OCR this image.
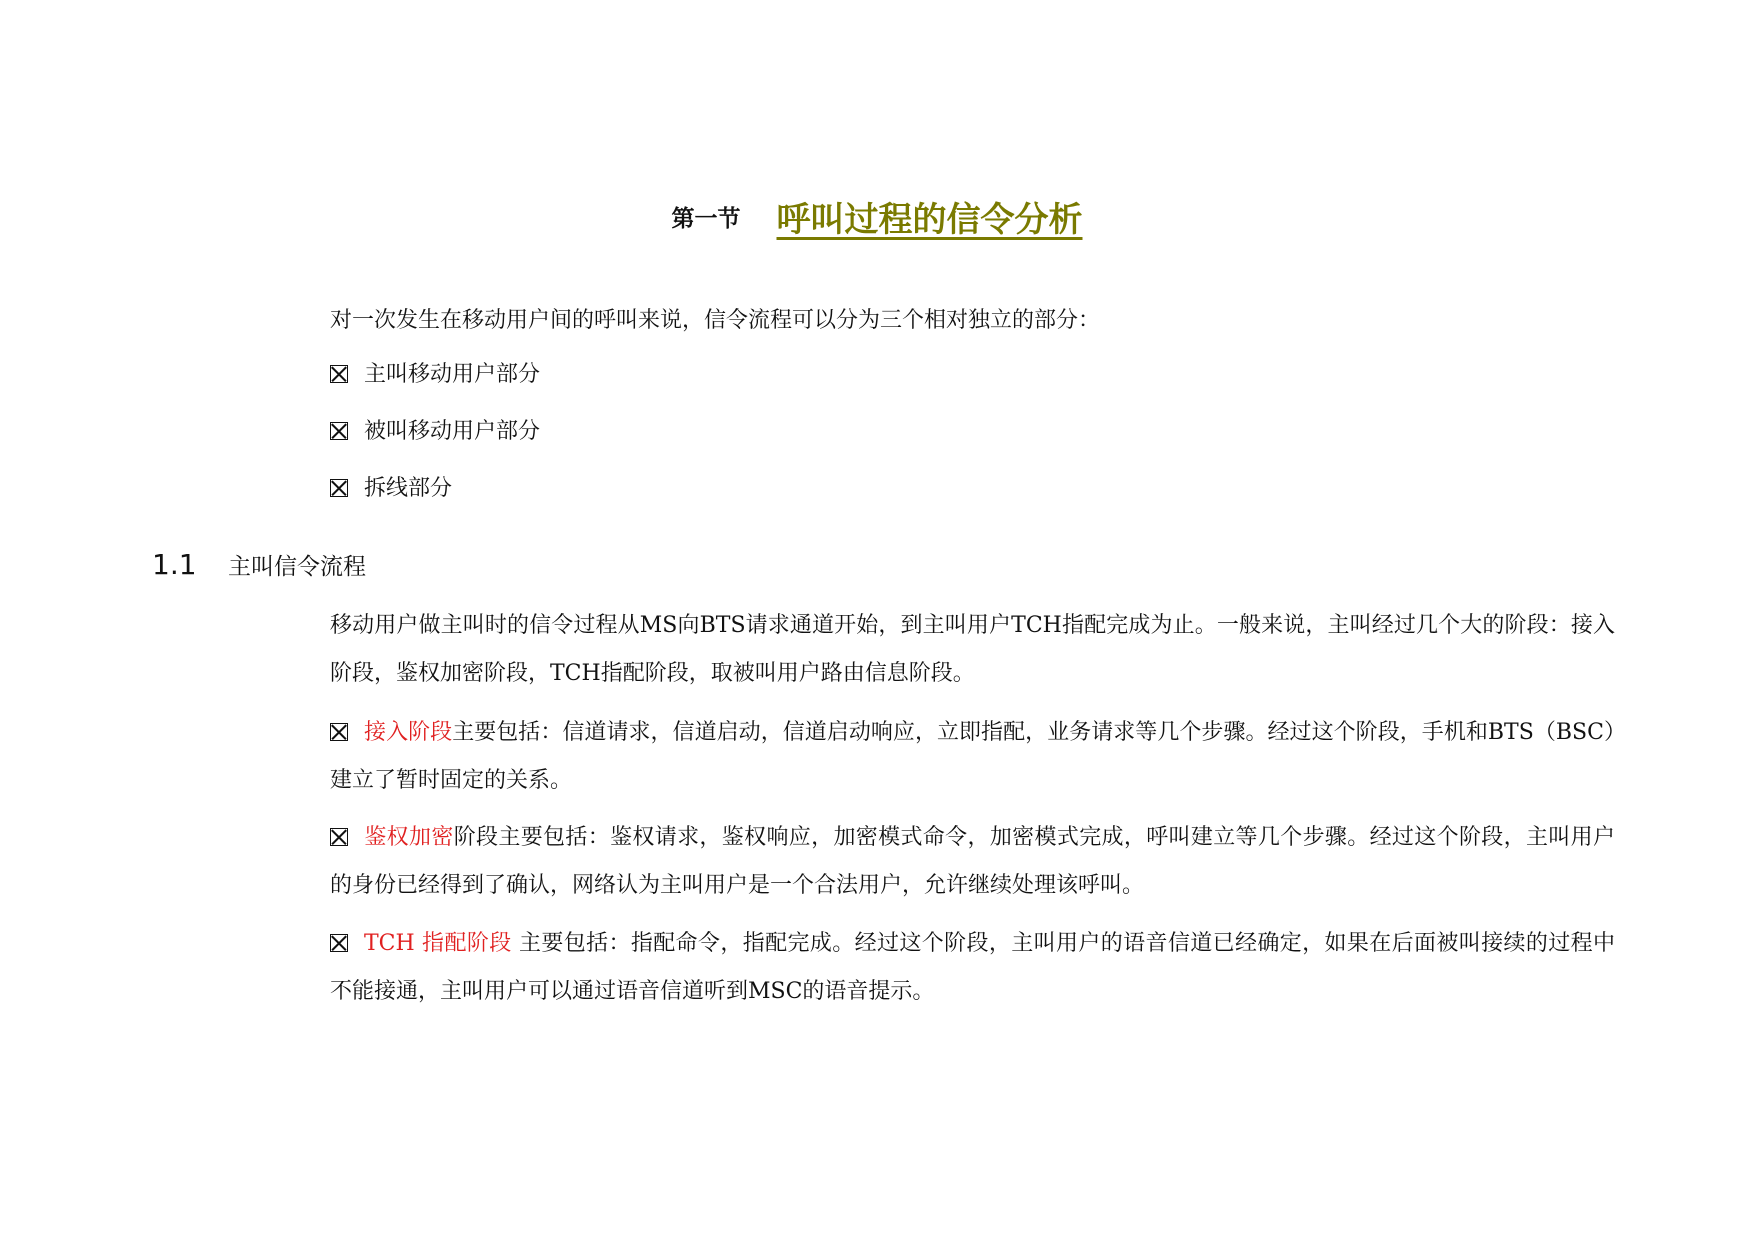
第一节 呼叫过程的信令分析
对一次发生在移动用户间的呼叫来说，信令流程可以分为三个相对独立的部分：
主叫移动用户部分
被叫移动用户部分
拆线部分
1.1 主叫信令流程
移动用户做主叫时的信令过程从MS向BTS请求通道开始，到主叫用户TCH指配完成为止。一般来说，主叫经过几个大的阶段：接入阶段，鉴权加密阶段，TCH指配阶段，取被叫用户路由信息阶段。
接入阶段主要包括：信道请求，信道启动，信道启动响应，立即指配，业务请求等几个步骤。经过这个阶段，手机和BTS（BSC）建立了暂时固定的关系。
鉴权加密阶段主要包括：鉴权请求，鉴权响应，加密模式命令，加密模式完成，呼叫建立等几个步骤。经过这个阶段，主叫用户的身份已经得到了确认，网络认为主叫用户是一个合法用户，允许继续处理该呼叫。
TCH 指配阶段 主要包括：指配命令，指配完成。经过这个阶段，主叫用户的语音信道已经确定，如果在后面被叫接续的过程中不能接通，主叫用户可以通过语音信道听到MSC的语音提示。
